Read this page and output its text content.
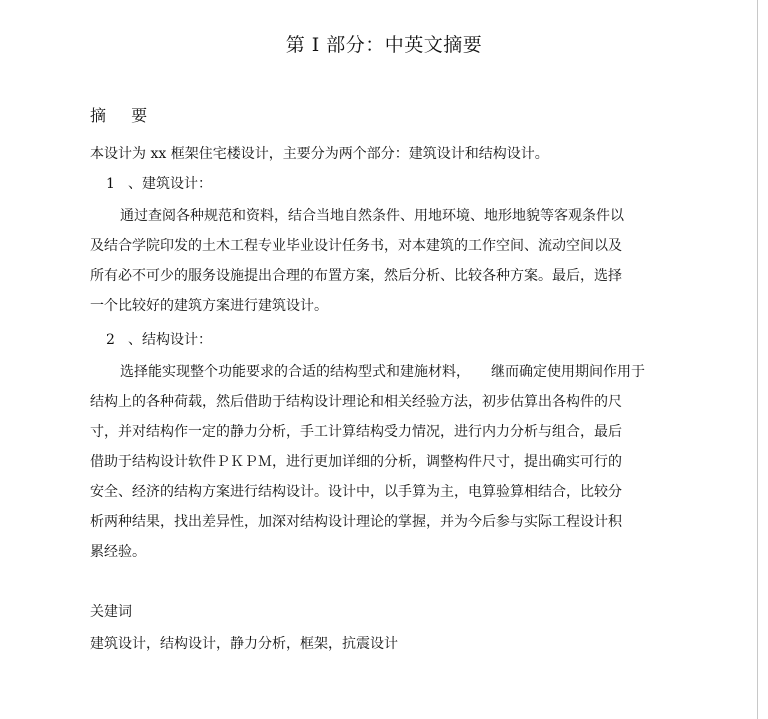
第 I 部分：中英文摘要
摘 要
本设计为 xx 框架住宅楼设计，主要分为两个部分：建筑设计和结构设计。
1 、建筑设计：
通过查阅各种规范和资料，结合当地自然条件、用地环境、地形地貌等客观条件以
及结合学院印发的土木工程专业毕业设计任务书，对本建筑的工作空间、流动空间以及
所有必不可少的服务设施提出合理的布置方案，然后分析、比较各种方案。最后，选择
一个比较好的建筑方案进行建筑设计。
2 、结构设计：
选择能实现整个功能要求的合适的结构型式和建施材料，　　继而确定使用期间作用于
结构上的各种荷载，然后借助于结构设计理论和相关经验方法，初步估算出各构件的尺
寸，并对结构作一定的静力分析，手工计算结构受力情况，进行内力分析与组合，最后
借助于结构设计软件ＰＫＰＭ，进行更加详细的分析，调整构件尺寸，提出确实可行的
安全、经济的结构方案进行结构设计。设计中，以手算为主，电算验算相结合，比较分
析两种结果，找出差异性，加深对结构设计理论的掌握，并为今后参与实际工程设计积
累经验。
关建词
建筑设计，结构设计，静力分析，框架，抗震设计
